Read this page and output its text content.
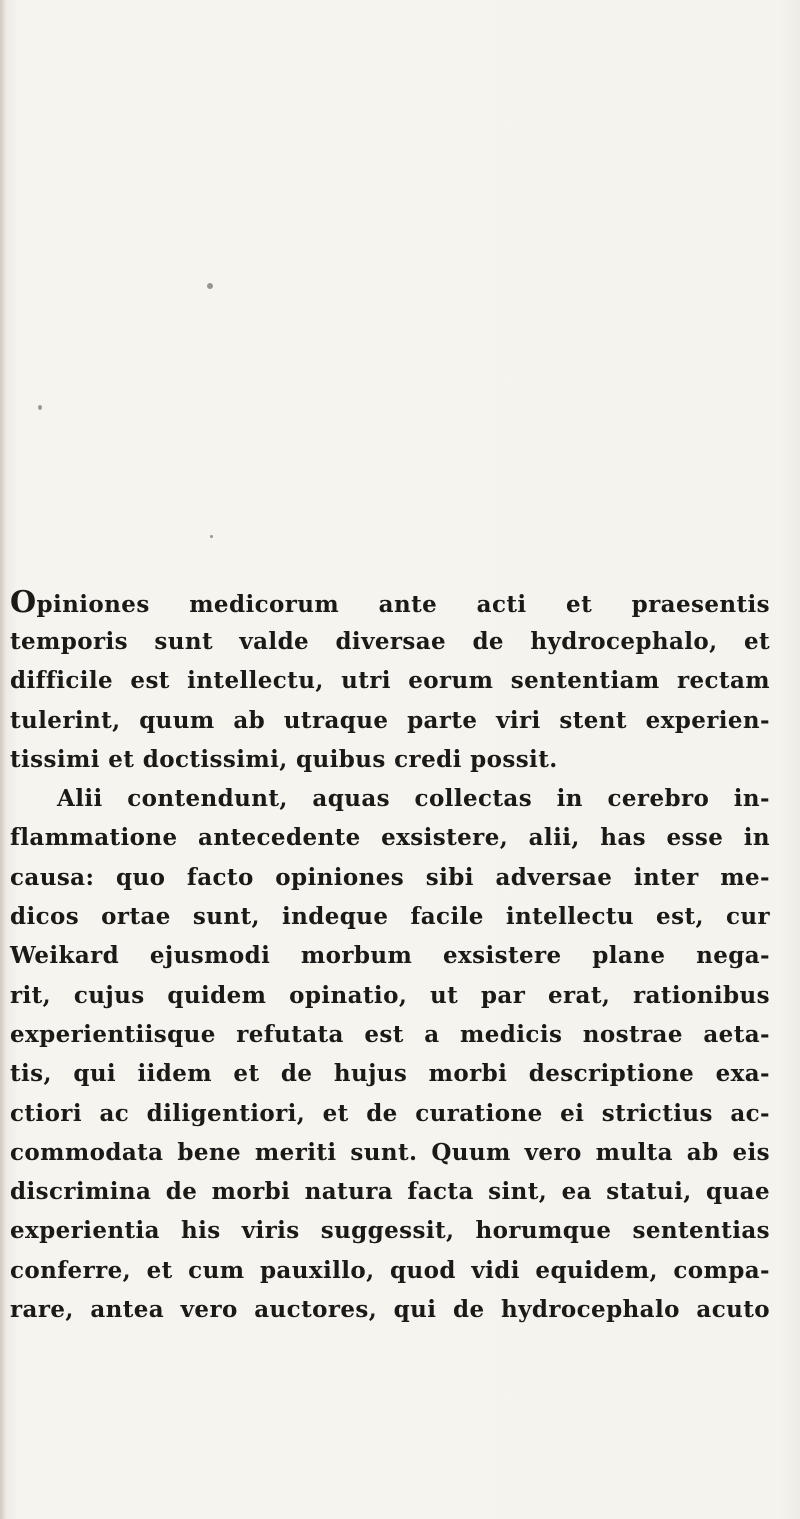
Opiniones medicorum ante acti et praesentis
temporis sunt valde diversae de hydrocephalo, et
difficile est intellectu, utri eorum sententiam rectam
tulerint, quum ab utraque parte viri stent experien-
tissimi et doctissimi, quibus credi possit.
Alii contendunt, aquas collectas in cerebro in-
flammatione antecedente exsistere, alii, has esse in
causa: quo facto opiniones sibi adversae inter me-
dicos ortae sunt, indeque facile intellectu est, cur
Weikard ejusmodi morbum exsistere plane nega-
rit, cujus quidem opinatio, ut par erat, rationibus
experientiisque refutata est a medicis nostrae aeta-
tis, qui iidem et de hujus morbi descriptione exa-
ctiori ac diligentiori, et de curatione ei strictius ac-
commodata bene meriti sunt. Quum vero multa ab eis
discrimina de morbi natura facta sint, ea statui, quae
experientia his viris suggessit, horumque sententias
conferre, et cum pauxillo, quod vidi equidem, compa-
rare, antea vero auctores, qui de hydrocephalo acuto
